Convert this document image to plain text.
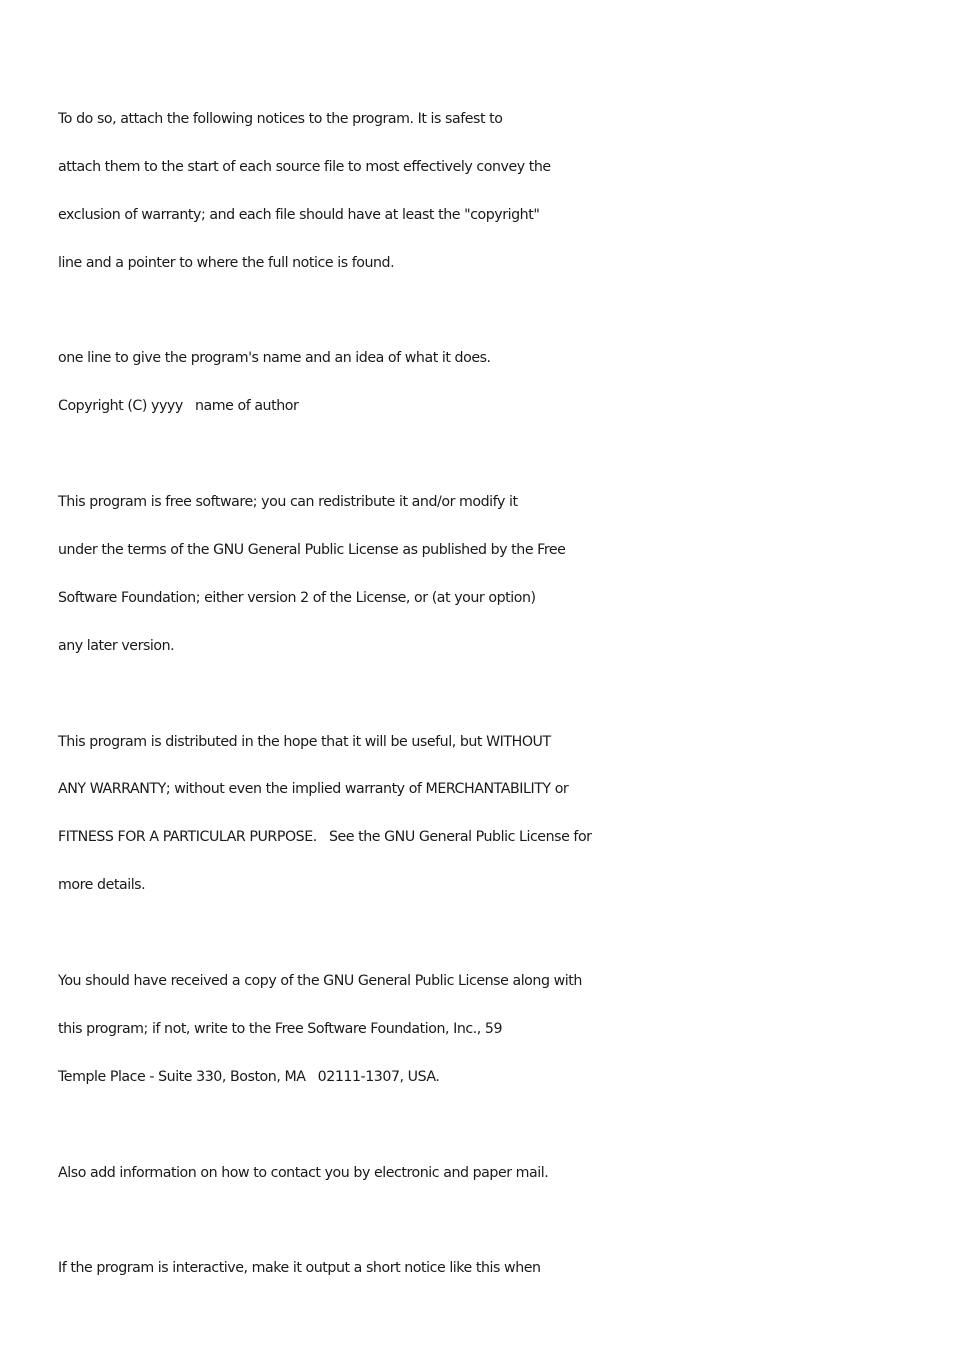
To do so, attach the following notices to the program. It is safest to

attach them to the start of each source file to most effectively convey the

exclusion of warranty; and each file should have at least the "copyright"

line and a pointer to where the full notice is found.

one line to give the program's name and an idea of what it does.

Copyright (C) yyyy   name of author

This program is free software; you can redistribute it and/or modify it

under the terms of the GNU General Public License as published by the Free

Software Foundation; either version 2 of the License, or (at your option)

any later version.

This program is distributed in the hope that it will be useful, but WITHOUT

ANY WARRANTY; without even the implied warranty of MERCHANTABILITY or

FITNESS FOR A PARTICULAR PURPOSE.   See the GNU General Public License for

more details.

You should have received a copy of the GNU General Public License along with

this program; if not, write to the Free Software Foundation, Inc., 59

Temple Place - Suite 330, Boston, MA   02111-1307, USA.

Also add information on how to contact you by electronic and paper mail.

If the program is interactive, make it output a short notice like this when
